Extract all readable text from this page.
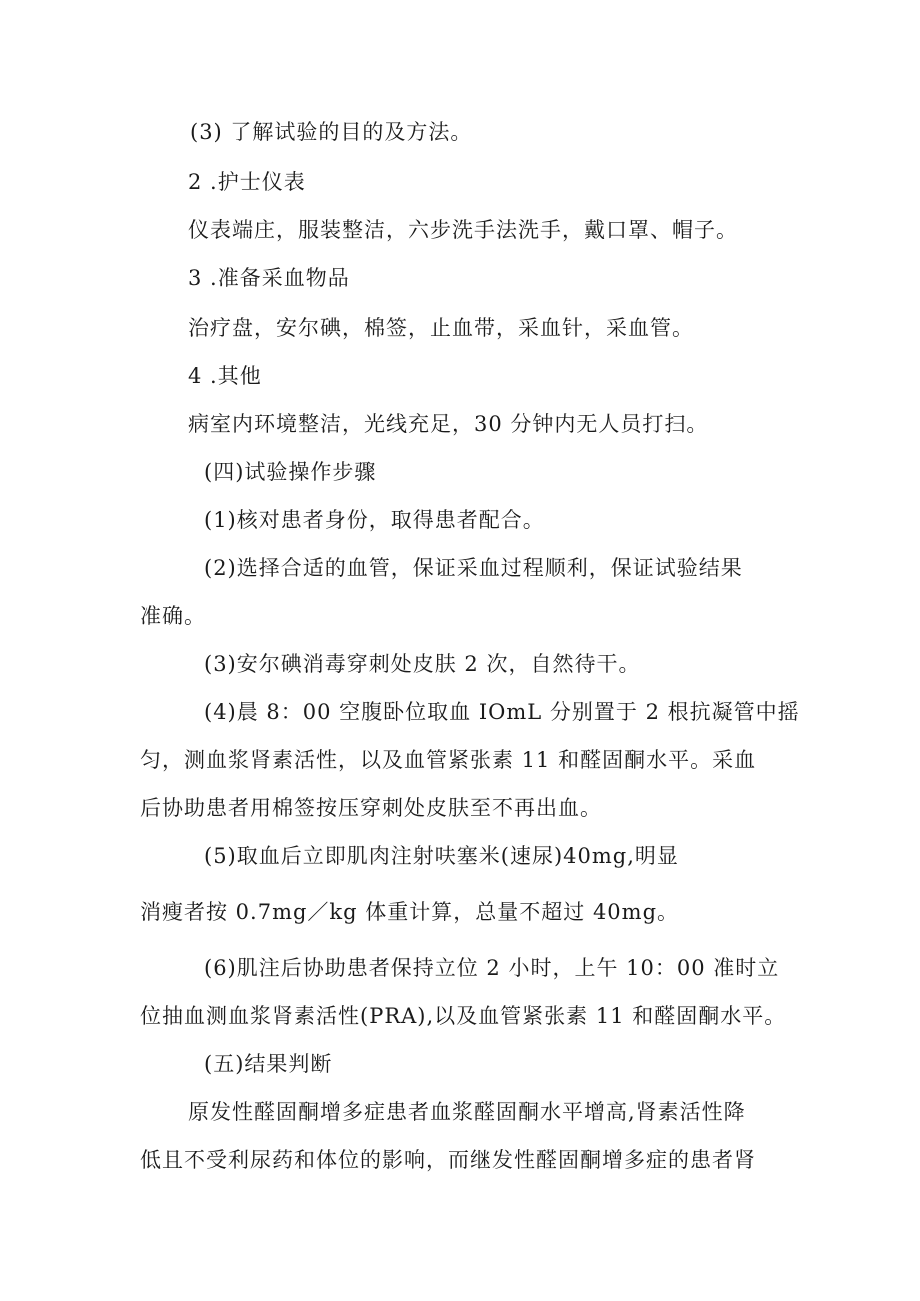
(3) 了解试验的目的及方法。
2 .护士仪表
仪表端庄，服装整洁，六步洗手法洗手，戴口罩、帽子。
3 .准备采血物品
治疗盘，安尔碘，棉签，止血带，采血针，采血管。
4 .其他
病室内环境整洁，光线充足，30 分钟内无人员打扫。
(四)试验操作步骤
(1)核对患者身份，取得患者配合。
(2)选择合适的血管，保证采血过程顺利，保证试验结果
准确。
(3)安尔碘消毒穿刺处皮肤 2 次，自然待干。
(4)晨 8：00 空腹卧位取血 IOmL 分别置于 2 根抗凝管中摇
匀，测血浆肾素活性，以及血管紧张素 11 和醛固酮水平。采血
后协助患者用棉签按压穿刺处皮肤至不再出血。
(5)取血后立即肌肉注射呋塞米(速尿)40mg,明显
消瘦者按 0.7mg／kg 体重计算，总量不超过 40mg。
(6)肌注后协助患者保持立位 2 小时，上午 10：00 准时立
位抽血测血浆肾素活性(PRA),以及血管紧张素 11 和醛固酮水平。
(五)结果判断
原发性醛固酮增多症患者血浆醛固酮水平增高,肾素活性降
低且不受利尿药和体位的影响，而继发性醛固酮增多症的患者肾
